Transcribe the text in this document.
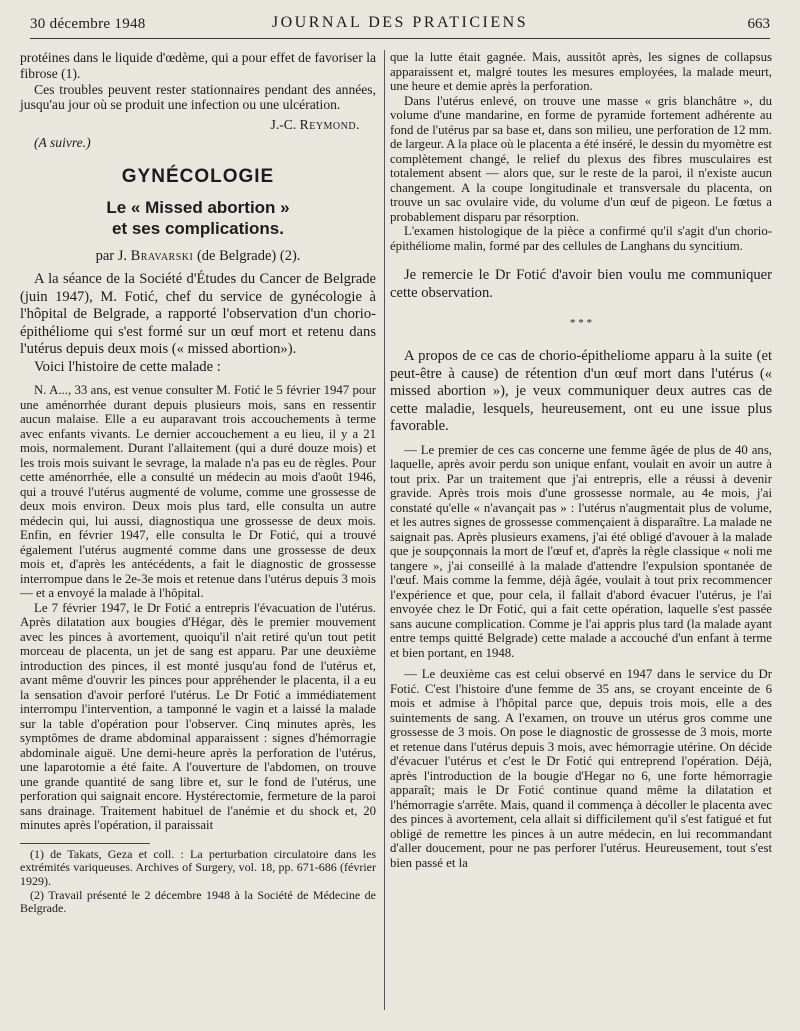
30 décembre 1948	JOURNAL DES PRATICIENS	663

protéines dans le liquide d'œdème, qui a pour effet de favoriser la fibrose (1).

Ces troubles peuvent rester stationnaires pendant des années, jusqu'au jour où se produit une infection ou une ulcération.

J.-C. Reymond.
(A suivre.)
GYNÉCOLOGIE
Le « Missed abortion »
et ses complications.
par J. Bravarski (de Belgrade) (2).

A la séance de la Société d'Études du Cancer de Belgrade (juin 1947), M. Fotić, chef du service de gynécologie à l'hôpital de Belgrade, a rapporté l'observation d'un chorio-épithéliome qui s'est formé sur un œuf mort et retenu dans l'utérus depuis deux mois (« missed abortion»).

Voici l'histoire de cette malade :

N. A..., 33 ans, est venue consulter M. Fotić le 5 février 1947 pour une aménorrhée durant depuis plusieurs mois, sans en ressentir aucun malaise. Elle a eu auparavant trois accouchements à terme avec enfants vivants. Le dernier accouchement a eu lieu, il y a 21 mois, normalement. Durant l'allaitement (qui a duré douze mois) et les trois mois suivant le sevrage, la malade n'a pas eu de règles. Pour cette aménorrhée, elle a consulté un médecin au mois d'août 1946, qui a trouvé l'utérus augmenté de volume, comme une grossesse de deux mois environ. Deux mois plus tard, elle consulta un autre médecin qui, lui aussi, diagnostiqua une grossesse de deux mois. Enfin, en février 1947, elle consulta le Dr Fotić, qui a trouvé également l'utérus augmenté comme dans une grossesse de deux mois et, d'après les antécédents, a fait le diagnostic de grossesse interrompue dans le 2e-3e mois et retenue dans l'utérus depuis 3 mois — et a envoyé la malade à l'hôpital.

Le 7 février 1947, le Dr Fotić a entrepris l'évacuation de l'utérus. Après dilatation aux bougies d'Hégar, dès le premier mouvement avec les pinces à avortement, quoiqu'il n'ait retiré qu'un tout petit morceau de placenta, un jet de sang est apparu. Par une deuxième introduction des pinces, il est monté jusqu'au fond de l'utérus et, avant même d'ouvrir les pinces pour appréhender le placenta, il a eu la sensation d'avoir perforé l'utérus. Le Dr Fotić a immédiatement interrompu l'intervention, a tamponné le vagin et a laissé la malade sur la table d'opération pour l'observer. Cinq minutes après, les symptômes de drame abdominal apparaissent : signes d'hémorragie abdominale aiguë. Une demi-heure après la perforation de l'utérus, une laparotomie a été faite. A l'ouverture de l'abdomen, on trouve une grande quantité de sang libre et, sur le fond de l'utérus, une perforation qui saignait encore. Hystérectomie, fermeture de la paroi sans drainage. Traitement habituel de l'anémie et du shock et, 20 minutes après l'opération, il paraissait

(1) de Takats, Geza et coll. : La perturbation circulatoire dans les extrémités variqueuses. Archives of Surgery, vol. 18, pp. 671-686 (février 1929).

(2) Travail présenté le 2 décembre 1948 à la Société de Médecine de Belgrade.

que la lutte était gagnée. Mais, aussitôt après, les signes de collapsus apparaissent et, malgré toutes les mesures employées, la malade meurt, une heure et demie après la perforation.

Dans l'utérus enlevé, on trouve une masse « gris blanchâtre », du volume d'une mandarine, en forme de pyramide fortement adhérente au fond de l'utérus par sa base et, dans son milieu, une perforation de 12 mm. de largeur. A la place où le placenta a été inséré, le dessin du myomètre est complètement changé, le relief du plexus des fibres musculaires est totalement absent — alors que, sur le reste de la paroi, il n'existe aucun changement. A la coupe longitudinale et transversale du placenta, on trouve un sac ovulaire vide, du volume d'un œuf de pigeon. Le fœtus a probablement disparu par résorption.

L'examen histologique de la pièce a confirmé qu'il s'agit d'un chorio-épithéliome malin, formé par des cellules de Langhans du syncitium.

Je remercie le Dr Fotić d'avoir bien voulu me communiquer cette observation.

* * *

A propos de ce cas de chorio-épitheliome apparu à la suite (et peut-être à cause) de rétention d'un œuf mort dans l'utérus (« missed abortion »), je veux communiquer deux autres cas de cette maladie, lesquels, heureusement, ont eu une issue plus favorable.

— Le premier de ces cas concerne une femme âgée de plus de 40 ans, laquelle, après avoir perdu son unique enfant, voulait en avoir un autre à tout prix. Par un traitement que j'ai entrepris, elle a réussi à devenir gravide. Après trois mois d'une grossesse normale, au 4e mois, j'ai constaté qu'elle « n'avançait pas » : l'utérus n'augmentait plus de volume, et les autres signes de grossesse commençaient à disparaître. La malade ne saignait pas. Après plusieurs examens, j'ai été obligé d'avouer à la malade que je soupçonnais la mort de l'œuf et, d'après la règle classique « noli me tangere », j'ai conseillé à la malade d'attendre l'expulsion spontanée de l'œuf. Mais comme la femme, déjà âgée, voulait à tout prix recommencer l'expérience et que, pour cela, il fallait d'abord évacuer l'utérus, je l'ai envoyée chez le Dr Fotić, qui a fait cette opération, laquelle s'est passée sans aucune complication. Comme je l'ai appris plus tard (la malade ayant entre temps quitté Belgrade) cette malade a accouché d'un enfant à terme et bien portant, en 1948.

— Le deuxième cas est celui observé en 1947 dans le service du Dr Fotić. C'est l'histoire d'une femme de 35 ans, se croyant enceinte de 6 mois et admise à l'hôpital parce que, depuis trois mois, elle a des suintements de sang. A l'examen, on trouve un utérus gros comme une grossesse de 3 mois. On pose le diagnostic de grossesse de 3 mois, morte et retenue dans l'utérus depuis 3 mois, avec hémorragie utérine. On décide d'évacuer l'utérus et c'est le Dr Fotić qui entreprend l'opération. Déjà, après l'introduction de la bougie d'Hegar no 6, une forte hémorragie apparaît; mais le Dr Fotić continue quand même la dilatation et l'hémorragie s'arrête. Mais, quand il commença à décoller le placenta avec des pinces à avortement, cela allait si difficilement qu'il s'est fatigué et fut obligé de remettre les pinces à un autre médecin, en lui recommandant d'aller doucement, pour ne pas perforer l'utérus. Heureusement, tout s'est bien passé et la
